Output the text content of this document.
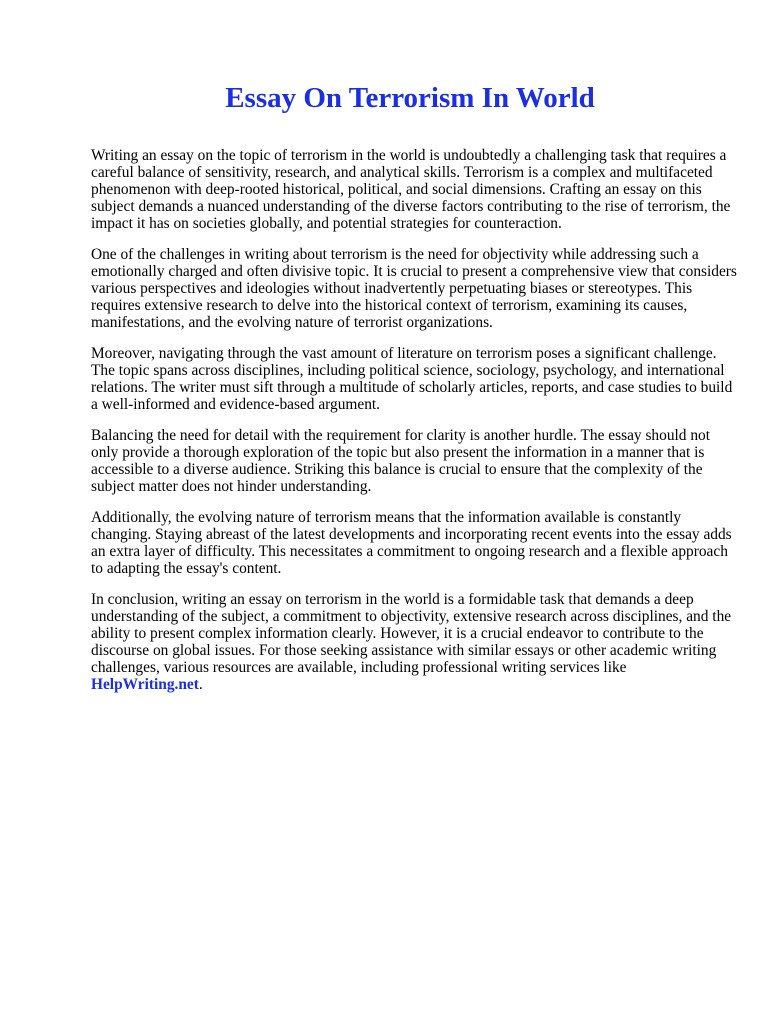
Essay On Terrorism In World

Writing an essay on the topic of terrorism in the world is undoubtedly a challenging task that requires a careful balance of sensitivity, research, and analytical skills. Terrorism is a complex and multifaceted phenomenon with deep-rooted historical, political, and social dimensions. Crafting an essay on this subject demands a nuanced understanding of the diverse factors contributing to the rise of terrorism, the impact it has on societies globally, and potential strategies for counteraction.

One of the challenges in writing about terrorism is the need for objectivity while addressing such a emotionally charged and often divisive topic. It is crucial to present a comprehensive view that considers various perspectives and ideologies without inadvertently perpetuating biases or stereotypes. This requires extensive research to delve into the historical context of terrorism, examining its causes, manifestations, and the evolving nature of terrorist organizations.

Moreover, navigating through the vast amount of literature on terrorism poses a significant challenge. The topic spans across disciplines, including political science, sociology, psychology, and international relations. The writer must sift through a multitude of scholarly articles, reports, and case studies to build a well-informed and evidence-based argument.

Balancing the need for detail with the requirement for clarity is another hurdle. The essay should not only provide a thorough exploration of the topic but also present the information in a manner that is accessible to a diverse audience. Striking this balance is crucial to ensure that the complexity of the subject matter does not hinder understanding.

Additionally, the evolving nature of terrorism means that the information available is constantly changing. Staying abreast of the latest developments and incorporating recent events into the essay adds an extra layer of difficulty. This necessitates a commitment to ongoing research and a flexible approach to adapting the essay's content.

In conclusion, writing an essay on terrorism in the world is a formidable task that demands a deep understanding of the subject, a commitment to objectivity, extensive research across disciplines, and the ability to present complex information clearly. However, it is a crucial endeavor to contribute to the discourse on global issues. For those seeking assistance with similar essays or other academic writing challenges, various resources are available, including professional writing services like HelpWriting.net.
